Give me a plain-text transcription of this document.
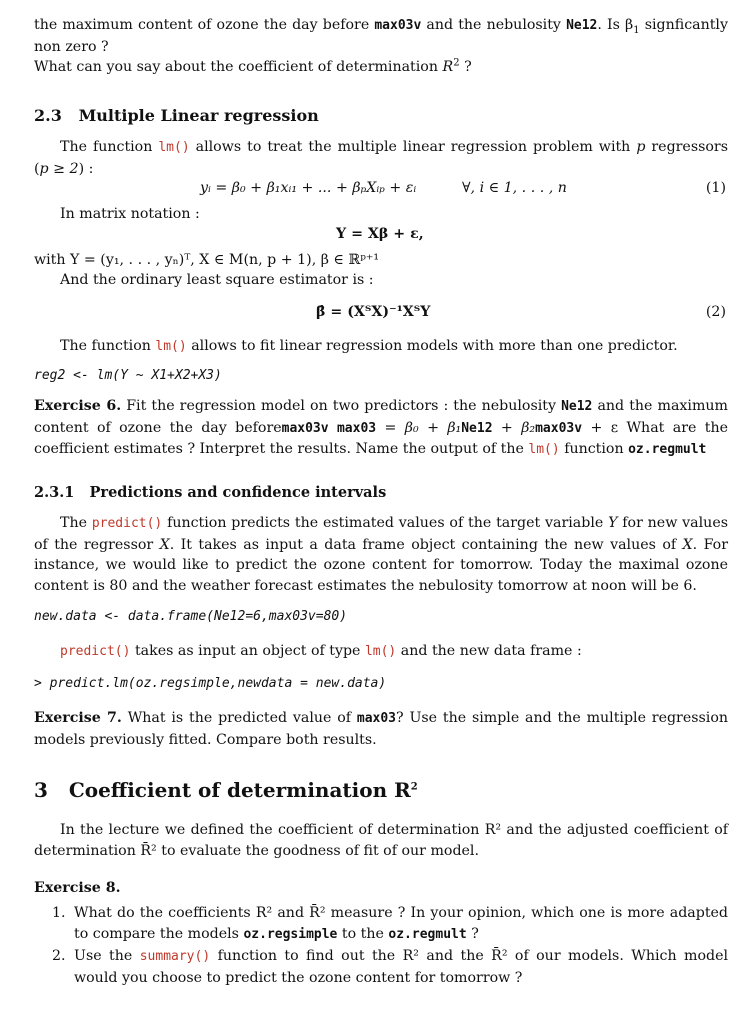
the maximum content of ozone the day before max03v and the nebulosity Ne12. Is $\beta_1$ signficantly non zero ?
What can you say about the coefficient of determination $R^2$ ?
2.3 Multiple Linear regression
The function lm() allows to treat the multiple linear regression problem with p regressors (p ≥ 2) :
yᵢ = β₀ + β₁xᵢ₁ + ... + βₚXᵢₚ + εᵢ	∀, i ∈ 1, . . . , n	(1)
In matrix notation :
Y = Xβ + ε,
with Y = (y₁, . . . , yₙ)ᵀ, X ∈ M(n, p + 1), β ∈ ℝᵖ⁺¹
And the ordinary least square estimator is :
β̂ = (XᵀX)⁻¹XᵀY	(2)
The function lm() allows to fit linear regression models with more than one predictor.
reg2 <- lm(Y ~ X1+X2+X3)
Exercise 6. Fit the regression model on two predictors : the nebulosity Ne12 and the maximum content of ozone the day beforemax03v max03 = β₀ + β₁Ne12 + β₂max03v + ε What are the coefficient estimates ? Interpret the results. Name the output of the lm() function oz.regmult
2.3.1 Predictions and confidence intervals
The predict() function predicts the estimated values of the target variable Y for new values of the regressor X. It takes as input a data frame object containing the new values of X. For instance, we would like to predict the ozone content for tomorrow. Today the maximal ozone content is 80 and the weather forecast estimates the nebulosity tomorrow at noon will be 6.
new.data <- data.frame(Ne12=6,max03v=80)
predict() takes as input an object of type lm() and the new data frame :
> predict.lm(oz.regsimple,newdata = new.data)
Exercise 7. What is the predicted value of max03? Use the simple and the multiple regression models previously fitted. Compare both results.
3 Coefficient of determination $R^2$
In the lecture we defined the coefficient of determination R² and the adjusted coefficient of determination R̄² to evaluate the goodness of fit of our model.
Exercise 8.
1. What do the coefficients R² and R̄² measure ? In your opinion, which one is more adapted to compare the models oz.regsimple to the oz.regmult ?
2. Use the summary() function to find out the R² and the R̄² of our models. Which model would you choose to predict the ozone content for tomorrow ?
